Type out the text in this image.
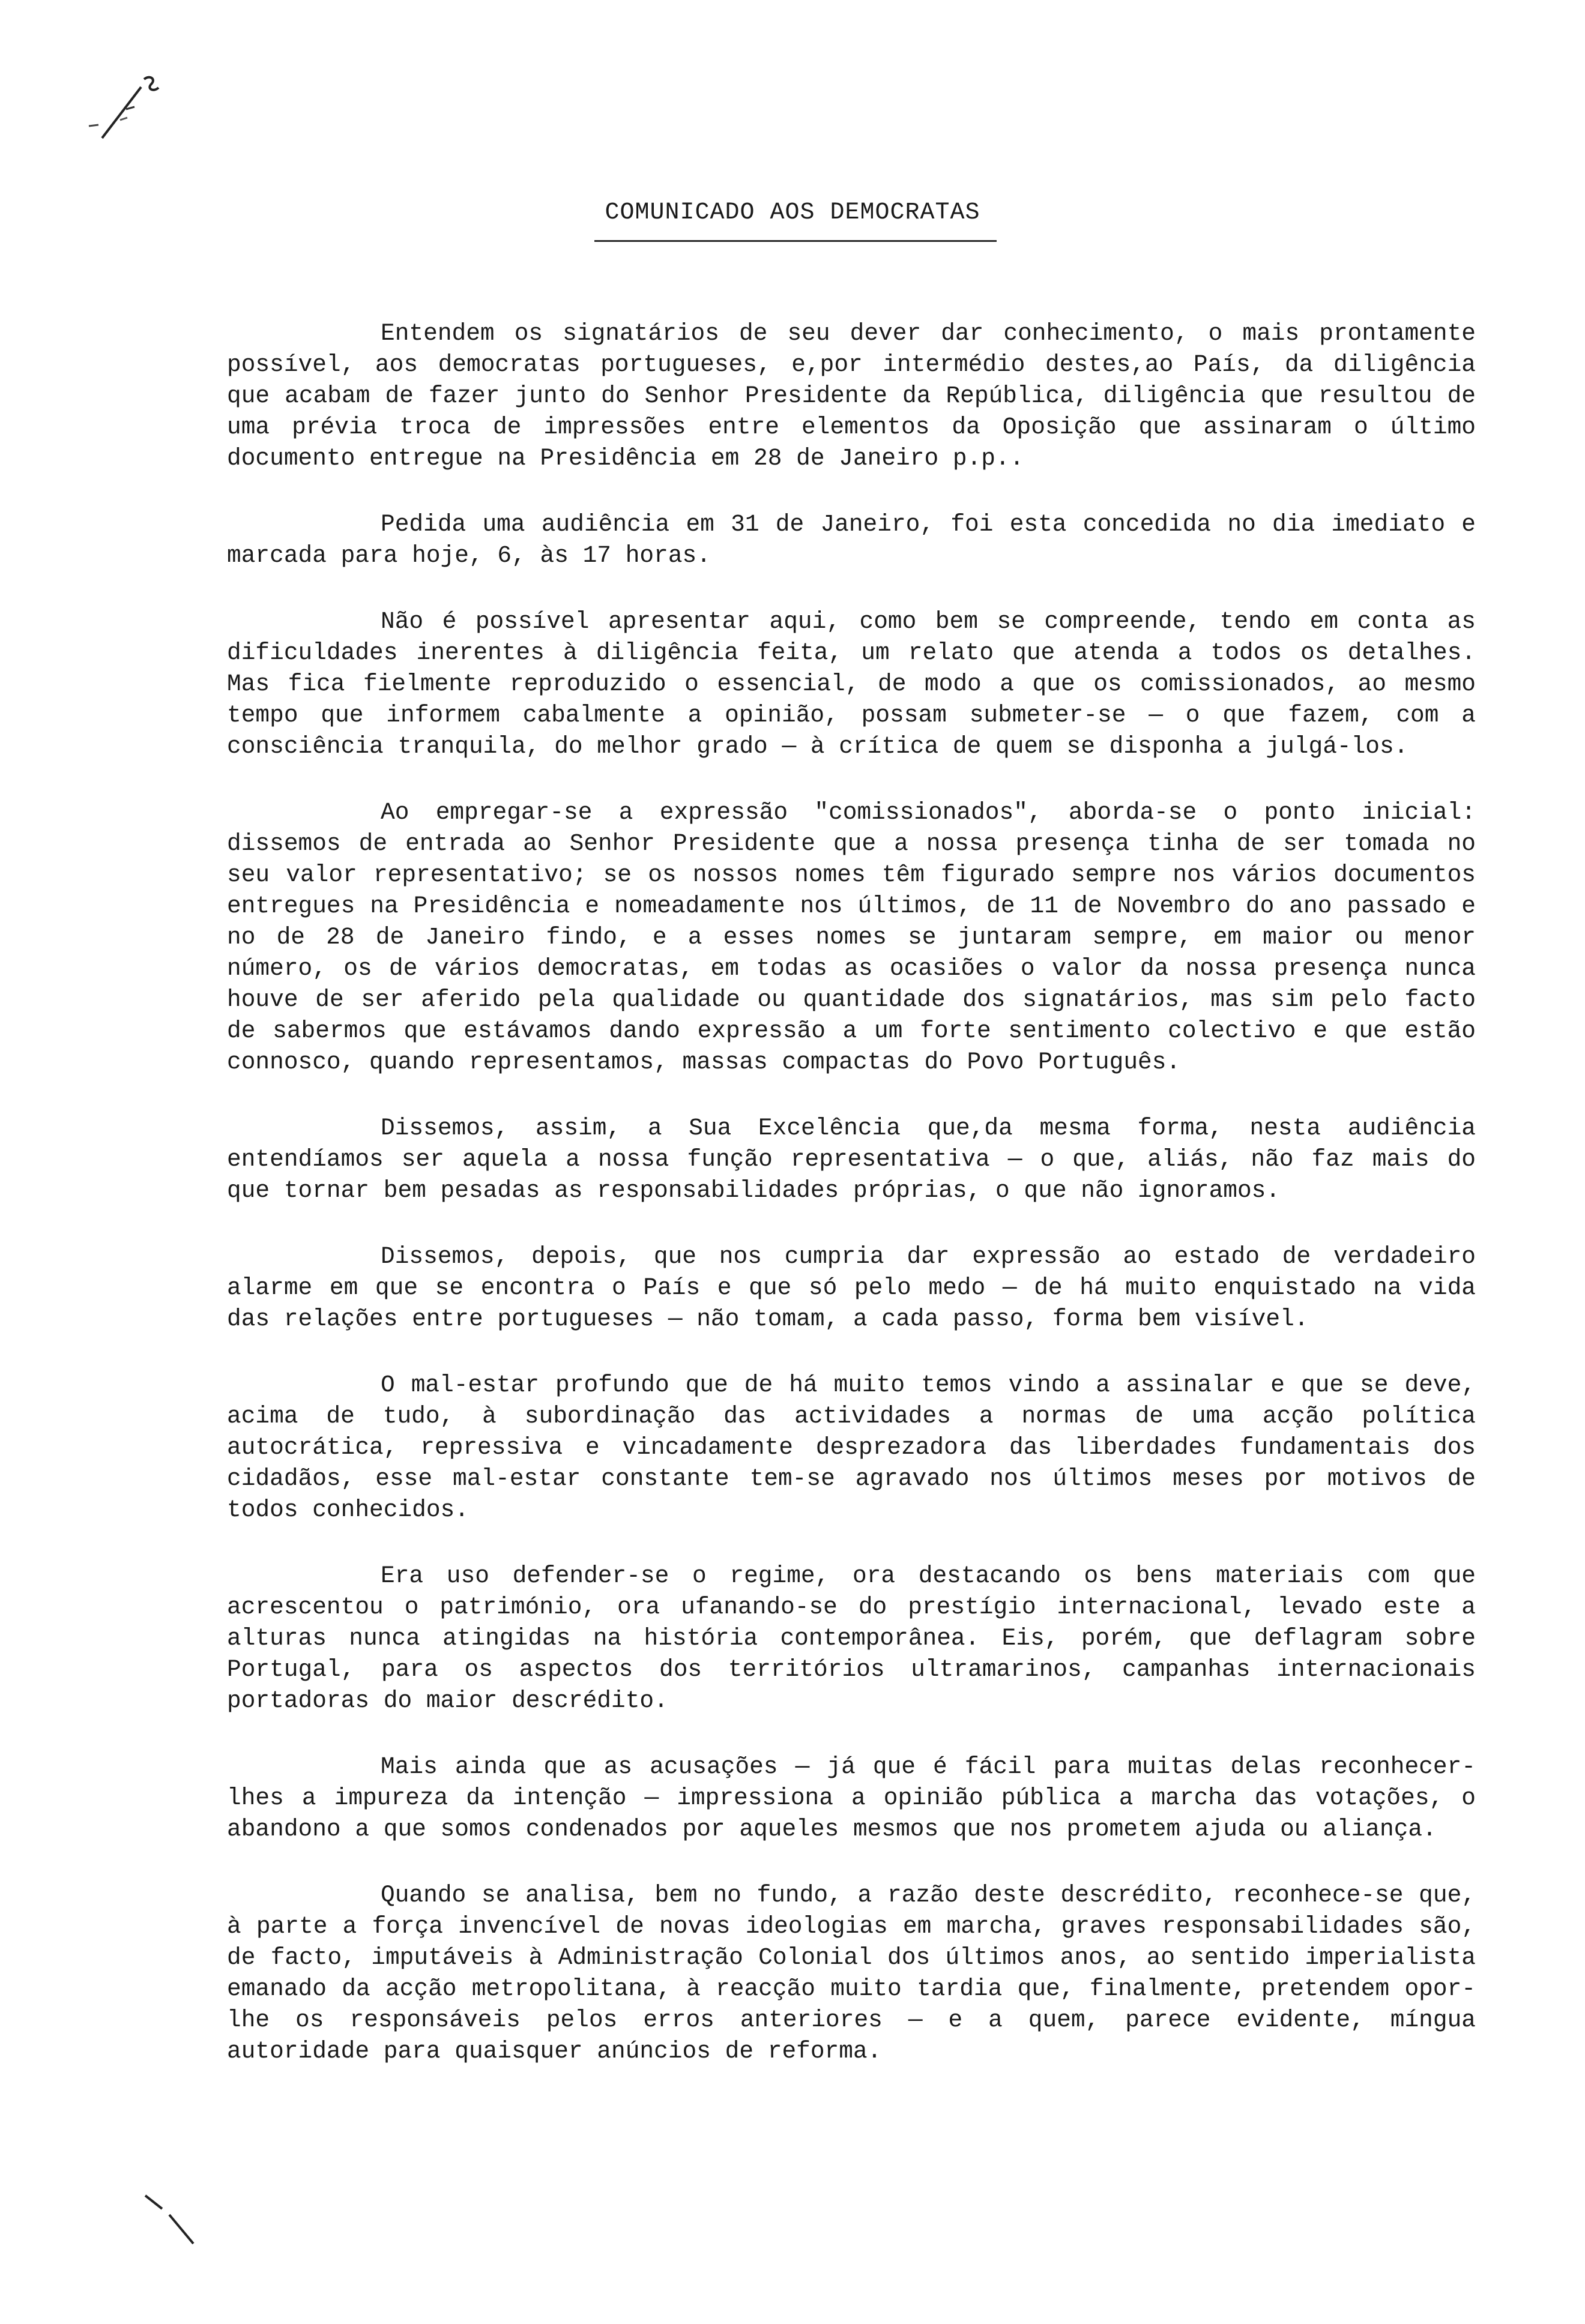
COMUNICADO AOS DEMOCRATAS

Entendem os signatários de seu dever dar conhecimento, o mais prontamente possível, aos democratas portugueses, e,por intermédio destes,ao País, da diligência que acabam de fazer junto do Senhor Presidente da República, diligência que resultou de uma prévia troca de impressões entre elementos da Oposição que assinaram o último documento entregue na Presidência em 28 de Janeiro p.p..

Pedida uma audiência em 31 de Janeiro, foi esta concedida no dia imediato e marcada para hoje, 6, às 17 horas.

Não é possível apresentar aqui, como bem se compreende, tendo em conta as dificuldades inerentes à diligência feita, um relato que atenda a todos os detalhes. Mas fica fielmente reproduzido o essencial, de modo a que os comissionados, ao mesmo tempo que informem cabalmente a opinião, possam submeter-se — o que fazem, com a consciência tranquila, do melhor grado — à crítica de quem se disponha a julgá-los.

Ao empregar-se a expressão "comissionados", aborda-se o ponto inicial: dissemos de entrada ao Senhor Presidente que a nossa presença tinha de ser tomada no seu valor representativo; se os nossos nomes têm figurado sempre nos vários documentos entregues na Presidência e nomeadamente nos últimos, de 11 de Novembro do ano passado e no de 28 de Janeiro findo, e a esses nomes se juntaram sempre, em maior ou menor número, os de vários democratas, em todas as ocasiões o valor da nossa presença nunca houve de ser aferido pela qualidade ou quantidade dos signatários, mas sim pelo facto de sabermos que estávamos dando expressão a um forte sentimento colectivo e que estão connosco, quando representamos, massas compactas do Povo Português.

Dissemos, assim, a Sua Excelência que,da mesma forma, nesta audiência entendíamos ser aquela a nossa função representativa — o que, aliás, não faz mais do que tornar bem pesadas as responsabilidades próprias, o que não ignoramos.

Dissemos, depois, que nos cumpria dar expressão ao estado de verdadeiro alarme em que se encontra o País e que só pelo medo — de há muito enquistado na vida das relações entre portugueses — não tomam, a cada passo, forma bem visível.

O mal-estar profundo que de há muito temos vindo a assinalar e que se deve, acima de tudo, à subordinação das actividades a normas de uma acção política autocrática, repressiva e vincadamente desprezadora das liberdades fundamentais dos cidadãos, esse mal-estar constante tem-se agravado nos últimos meses por motivos de todos conhecidos.

Era uso defender-se o regime, ora destacando os bens materiais com que acrescentou o património, ora ufanando-se do prestígio internacional, levado este a alturas nunca atingidas na história contemporânea. Eis, porém, que deflagram sobre Portugal, para os aspectos dos territórios ultramarinos, campanhas internacionais portadoras do maior descrédito.

Mais ainda que as acusações — já que é fácil para muitas delas reconhecer-lhes a impureza da intenção — impressiona a opinião pública a marcha das votações, o abandono a que somos condenados por aqueles mesmos que nos prometem ajuda ou aliança.

Quando se analisa, bem no fundo, a razão deste descrédito, reconhece-se que, à parte a força invencível de novas ideologias em marcha, graves responsabilidades são, de facto, imputáveis à Administração Colonial dos últimos anos, ao sentido imperialista emanado da acção metropolitana, à reacção muito tardia que, finalmente, pretendem opor-lhe os responsáveis pelos erros anteriores — e a quem, parece evidente, míngua autoridade para quaisquer anúncios de reforma.
